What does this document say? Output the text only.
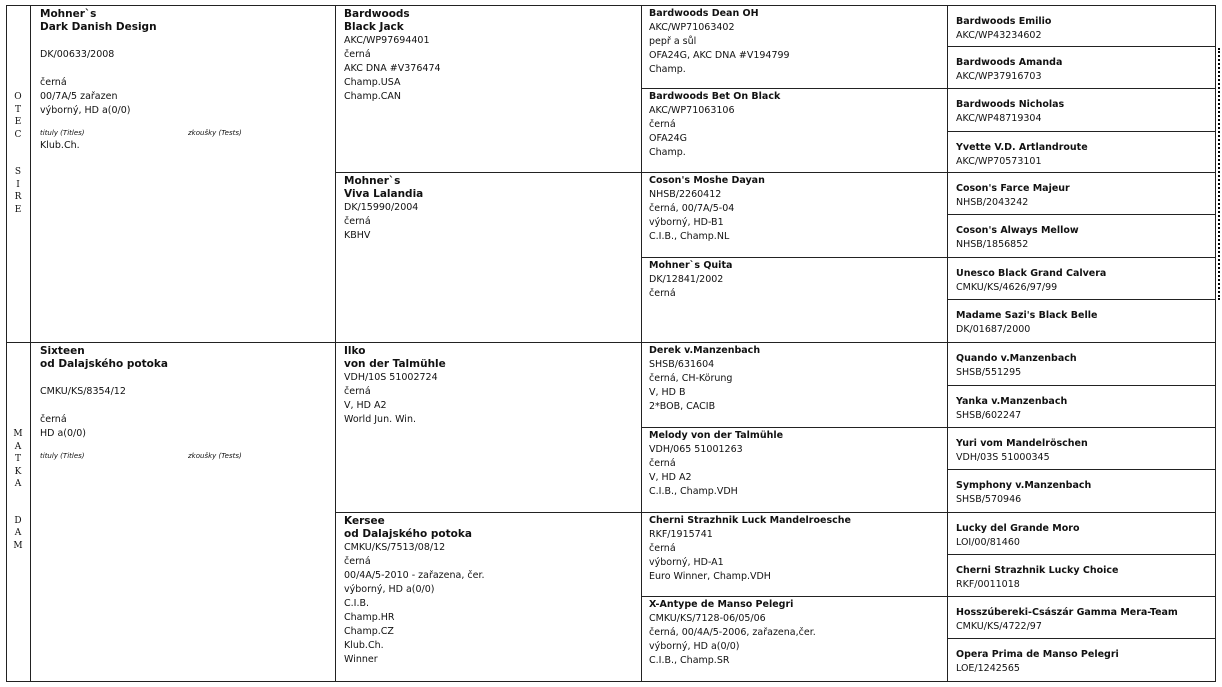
O
T
E
C
S
I
R
E
M
A
T
K
A
D
A
M
Mohner`s
Dark Danish Design
DK/00633/2008
černá
00/7A/5 zařazen
výborný, HD a(0/0)
tituly (Titles)	zkoušky (Tests)
Klub.Ch.
Sixteen
od Dalajského potoka
CMKU/KS/8354/12
černá
HD a(0/0)
tituly (Titles)	zkoušky (Tests)
Bardwoods
Black Jack
AKC/WP97694401
černá
AKC DNA #V376474
Champ.USA
Champ.CAN
Mohner`s
Viva Lalandia
DK/15990/2004
černá
KBHV
Ilko
von der Talmühle
VDH/10S 51002724
černá
V, HD A2
World Jun. Win.
Kersee
od Dalajského potoka
CMKU/KS/7513/08/12
černá
00/4A/5-2010 - zařazena, čer.
výborný, HD a(0/0)
C.I.B.
Champ.HR
Champ.CZ
Klub.Ch.
Winner
Bardwoods Dean OH
AKC/WP71063402
pepř a sůl
OFA24G, AKC DNA #V194799
Champ.
Bardwoods Bet On Black
AKC/WP71063106
černá
OFA24G
Champ.
Coson's Moshe Dayan
NHSB/2260412
černá, 00/7A/5-04
výborný, HD-B1
C.I.B., Champ.NL
Mohner`s Quita
DK/12841/2002
černá
Derek v.Manzenbach
SHSB/631604
černá, CH-Körung
V, HD B
2*BOB, CACIB
Melody von der Talmühle
VDH/065 51001263
černá
V, HD A2
C.I.B., Champ.VDH
Cherni Strazhnik Luck Mandelroesche
RKF/1915741
černá
výborný, HD-A1
Euro Winner, Champ.VDH
X-Antype de Manso Pelegri
CMKU/KS/7128-06/05/06
černá, 00/4A/5-2006, zařazena,čer.
výborný, HD a(0/0)
C.I.B., Champ.SR
Bardwoods Emilio
AKC/WP43234602
Bardwoods Amanda
AKC/WP37916703
Bardwoods Nicholas
AKC/WP48719304
Yvette V.D. Artlandroute
AKC/WP70573101
Coson's Farce Majeur
NHSB/2043242
Coson's Always Mellow
NHSB/1856852
Unesco Black Grand Calvera
CMKU/KS/4626/97/99
Madame Sazi's Black Belle
DK/01687/2000
Quando v.Manzenbach
SHSB/551295
Yanka v.Manzenbach
SHSB/602247
Yuri vom Mandelröschen
VDH/03S 51000345
Symphony v.Manzenbach
SHSB/570946
Lucky del Grande Moro
LOI/00/81460
Cherni Strazhnik Lucky Choice
RKF/0011018
Hosszúbereki-Császár Gamma Mera-Team
CMKU/KS/4722/97
Opera Prima de Manso Pelegri
LOE/1242565
